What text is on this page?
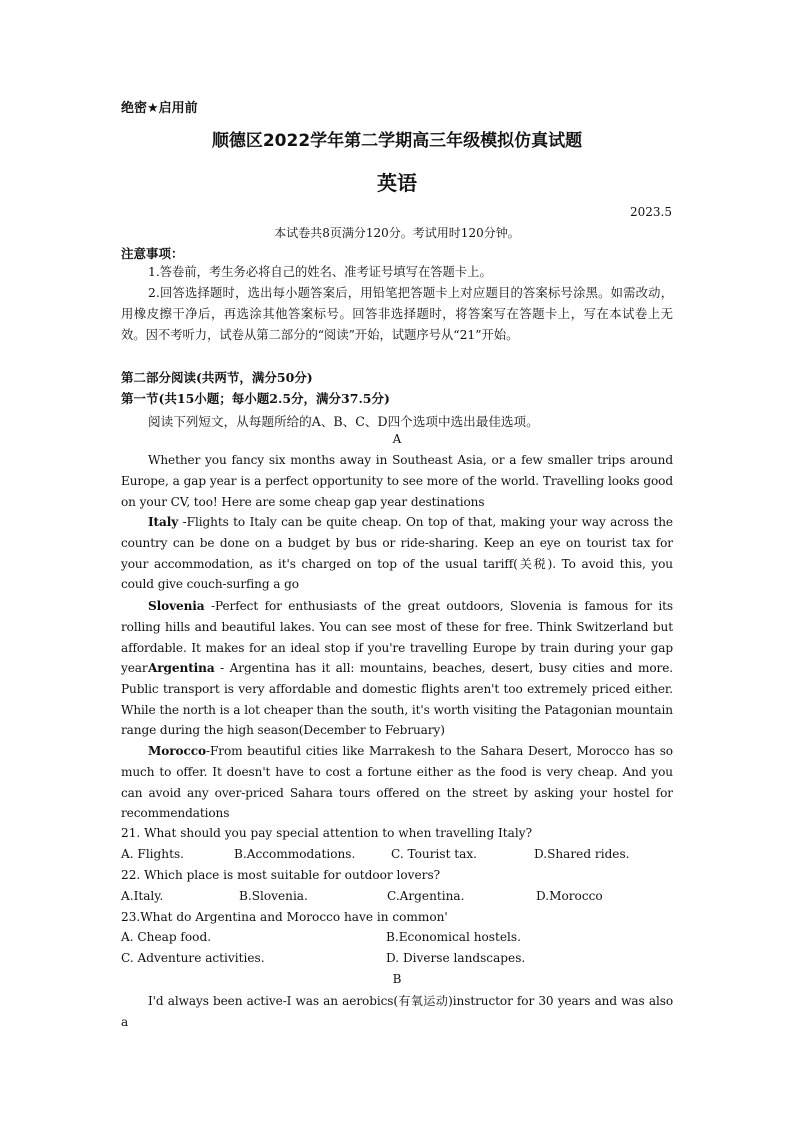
绝密★启用前
顺德区2022学年第二学期高三年级模拟仿真试题
英语
2023.5
本试卷共8页满分120分。考试用时120分钟。
注意事项：
1.答卷前，考生务必将自己的姓名、准考证号填写在答题卡上。
2.回答选择题时，选出每小题答案后，用铅笔把答题卡上对应题目的答案标号涂黑。如需改动，用橡皮擦干净后，再选涂其他答案标号。回答非选择题时，将答案写在答题卡上，写在本试卷上无效。因不考听力，试卷从第二部分的“阅读”开始，试题序号从“21”开始。
第二部分阅读(共两节，满分50分)
第一节(共15小题；每小题2.5分，满分37.5分)
阅读下列短文，从每题所给的A、B、C、D四个选项中选出最佳选项。
A
Whether you fancy six months away in Southeast Asia, or a few smaller trips around Europe, a gap year is a perfect opportunity to see more of the world. Travelling looks good on your CV, too! Here are some cheap gap year destinations
Italy -Flights to Italy can be quite cheap. On top of that, making your way across the country can be done on a budget by bus or ride-sharing. Keep an eye on tourist tax for your accommodation, as it's charged on top of the usual tariff(关税). To avoid this, you could give couch-surfing a go
Slovenia -Perfect for enthusiasts of the great outdoors, Slovenia is famous for its rolling hills and beautiful lakes. You can see most of these for free. Think Switzerland but affordable. It makes for an ideal stop if you're travelling Europe by train during your gap year Argentina - Argentina has it all: mountains, beaches, desert, busy cities and more. Public transport is very affordable and domestic flights aren't too extremely priced either. While the north is a lot cheaper than the south, it's worth visiting the Patagonian mountain range during the high season(December to February)
Morocco-From beautiful cities like Marrakesh to the Sahara Desert, Morocco has so much to offer. It doesn't have to cost a fortune either as the food is very cheap. And you can avoid any over-priced Sahara tours offered on the street by asking your hostel for recommendations
21. What should you pay special attention to when travelling Italy?
A. Flights.	B.Accommodations.	C. Tourist tax.	D.Shared rides.
22. Which place is most suitable for outdoor lovers?
A.Italy.	B.Slovenia.	C.Argentina.	D.Morocco
23.What do Argentina and Morocco have in common'
A. Cheap food.	B.Economical hostels.
C. Adventure activities.	D. Diverse landscapes.
B
I'd always been active-I was an aerobics(有氧运动)instructor for 30 years and was also a
